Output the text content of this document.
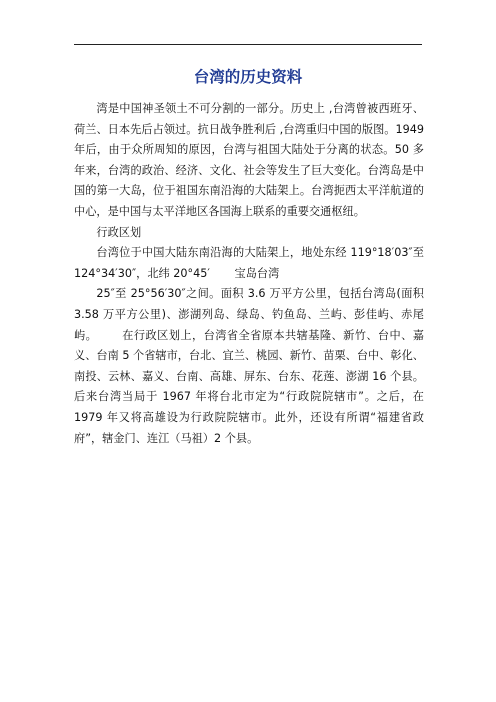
台湾的历史资料

湾是中国神圣领土不可分割的一部分。历史上 ,台湾曾被西班牙、荷兰、日本先后占领过。抗日战争胜利后 ,台湾重归中国的版图。1949年后，由于众所周知的原因，台湾与祖国大陆处于分离的状态。50 多年来，台湾的政治、经济、文化、社会等发生了巨大变化。台湾岛是中国的第一大岛，位于祖国东南沿海的大陆架上。台湾扼西太平洋航道的中心，是中国与太平洋地区各国海上联系的重要交通枢纽。

行政区划

台湾位于中国大陆东南沿海的大陆架上，地处东经 119°18′03″至 124°34′30″，北纬 20°45′ 宝岛台湾

25″至 25°56′30″之间。面积 3.6 万平方公里，包括台湾岛(面积 3.58 万平方公里)、澎湖列岛、绿岛、钓鱼岛、兰屿、彭佳屿、赤尾屿。 在行政区划上，台湾省全省原本共辖基隆、新竹、台中、嘉义、台南 5 个省辖市，台北、宜兰、桃园、新竹、苗栗、台中、彰化、南投、云林、嘉义、台南、高雄、屏东、台东、花莲、澎湖 16 个县。后来台湾当局于 1967 年将台北市定为“行政院院辖市”。之后，在 1979 年又将高雄设为行政院院辖市。此外，还设有所谓“福建省政府”，辖金门、连江（马祖）2 个县。
